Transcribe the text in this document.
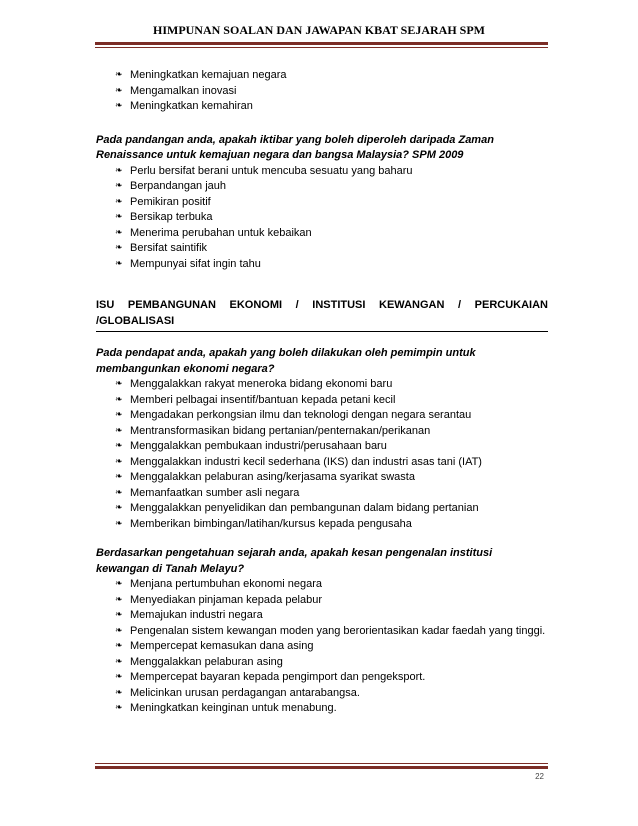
HIMPUNAN SOALAN DAN JAWAPAN KBAT SEJARAH SPM
❧ Meningkatkan kemajuan negara
❧ Mengamalkan inovasi
❧ Meningkatkan kemahiran

Pada pandangan anda, apakah iktibar yang boleh diperoleh daripada Zaman Renaissance untuk kemajuan negara dan bangsa Malaysia? SPM 2009

❧ Perlu bersifat berani untuk mencuba sesuatu yang baharu
❧ Berpandangan jauh
❧ Pemikiran positif
❧ Bersikap terbuka
❧ Menerima perubahan untuk kebaikan
❧ Bersifat saintifik
❧ Mempunyai sifat ingin tahu
ISU PEMBANGUNAN EKONOMI / INSTITUSI KEWANGAN / PERCUKAIAN
/GLOBALISASI

Pada pendapat anda, apakah yang boleh dilakukan oleh pemimpin untuk membangunkan ekonomi negara?

❧ Menggalakkan rakyat meneroka bidang ekonomi baru
❧ Memberi pelbagai insentif/bantuan kepada petani kecil
❧ Mengadakan perkongsian ilmu dan teknologi dengan negara serantau
❧ Mentransformasikan bidang pertanian/penternakan/perikanan
❧ Menggalakkan pembukaan industri/perusahaan baru
❧ Menggalakkan industri kecil sederhana (IKS) dan industri asas tani (IAT)
❧ Menggalakkan pelaburan asing/kerjasama syarikat swasta
❧ Memanfaatkan sumber asli negara
❧ Menggalakkan penyelidikan dan pembangunan dalam bidang pertanian
❧ Memberikan bimbingan/latihan/kursus kepada pengusaha

Berdasarkan pengetahuan sejarah anda, apakah kesan pengenalan institusi kewangan di Tanah Melayu?

❧ Menjana pertumbuhan ekonomi negara
❧ Menyediakan pinjaman kepada pelabur
❧ Memajukan industri negara
❧ Pengenalan sistem kewangan moden yang berorientasikan kadar faedah yang tinggi.
❧ Mempercepat kemasukan dana asing
❧ Menggalakkan pelaburan asing
❧ Mempercepat bayaran kepada pengimport dan pengeksport.
❧ Melicinkan urusan perdagangan antarabangsa.
❧ Meningkatkan keinginan untuk menabung.
22
